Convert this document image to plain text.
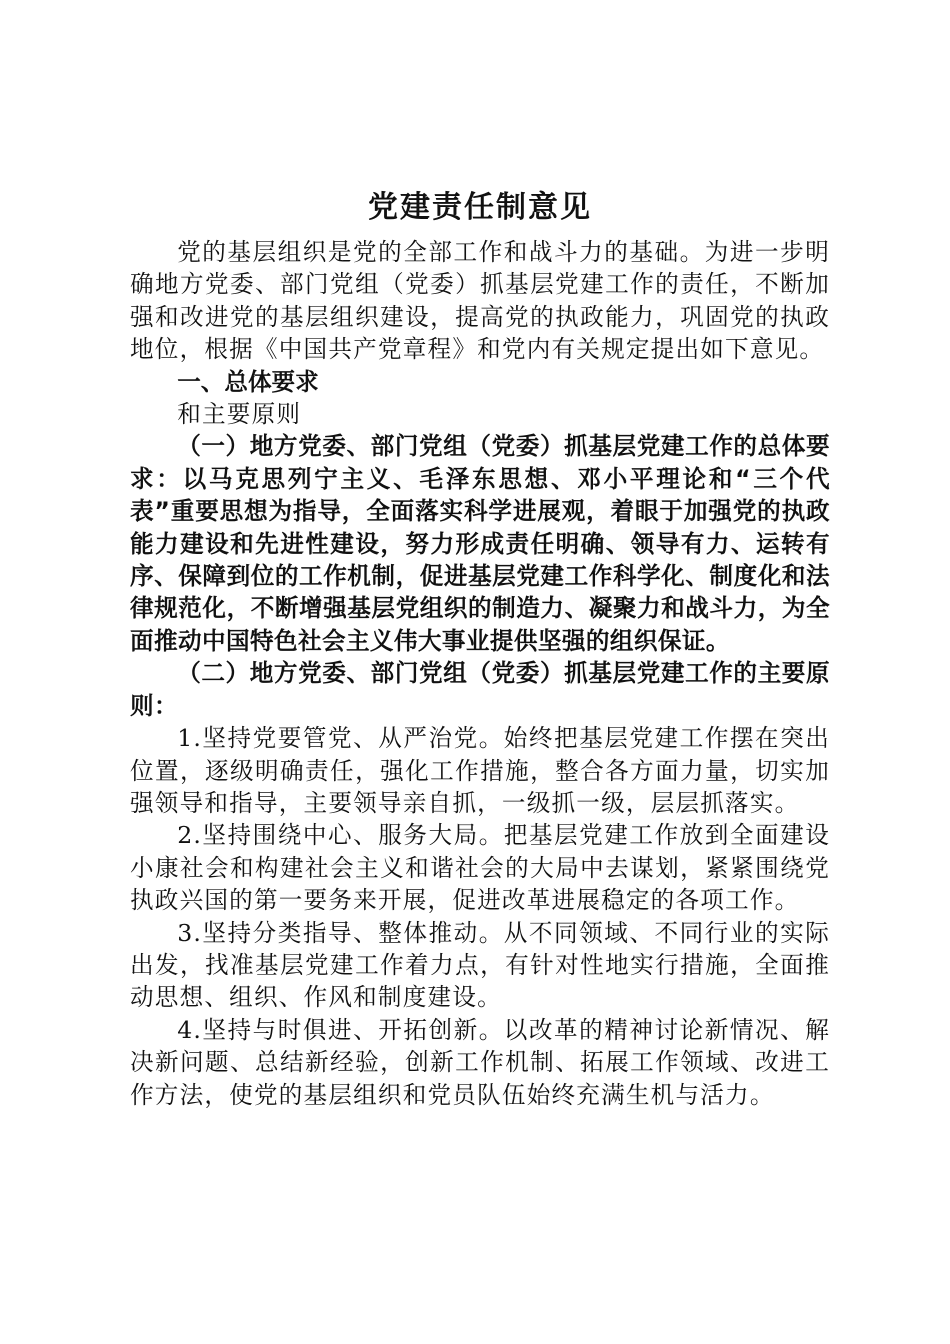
党建责任制意见

党的基层组织是党的全部工作和战斗力的基础。为进一步明确地方党委、部门党组（党委）抓基层党建工作的责任，不断加强和改进党的基层组织建设，提高党的执政能力，巩固党的执政地位，根据《中国共产党章程》和党内有关规定提出如下意见。

一、总体要求

和主要原则

（一）地方党委、部门党组（党委）抓基层党建工作的总体要求：以马克思列宁主义、毛泽东思想、邓小平理论和“三个代表”重要思想为指导，全面落实科学进展观，着眼于加强党的执政能力建设和先进性建设，努力形成责任明确、领导有力、运转有序、保障到位的工作机制，促进基层党建工作科学化、制度化和法律规范化，不断增强基层党组织的制造力、凝聚力和战斗力，为全面推动中国特色社会主义伟大事业提供坚强的组织保证。

（二）地方党委、部门党组（党委）抓基层党建工作的主要原则：

1.坚持党要管党、从严治党。始终把基层党建工作摆在突出位置，逐级明确责任，强化工作措施，整合各方面力量，切实加强领导和指导，主要领导亲自抓，一级抓一级，层层抓落实。

2.坚持围绕中心、服务大局。把基层党建工作放到全面建设小康社会和构建社会主义和谐社会的大局中去谋划，紧紧围绕党执政兴国的第一要务来开展，促进改革进展稳定的各项工作。

3.坚持分类指导、整体推动。从不同领域、不同行业的实际出发，找准基层党建工作着力点，有针对性地实行措施，全面推动思想、组织、作风和制度建设。

4.坚持与时俱进、开拓创新。以改革的精神讨论新情况、解决新问题、总结新经验，创新工作机制、拓展工作领域、改进工作方法，使党的基层组织和党员队伍始终充满生机与活力。
